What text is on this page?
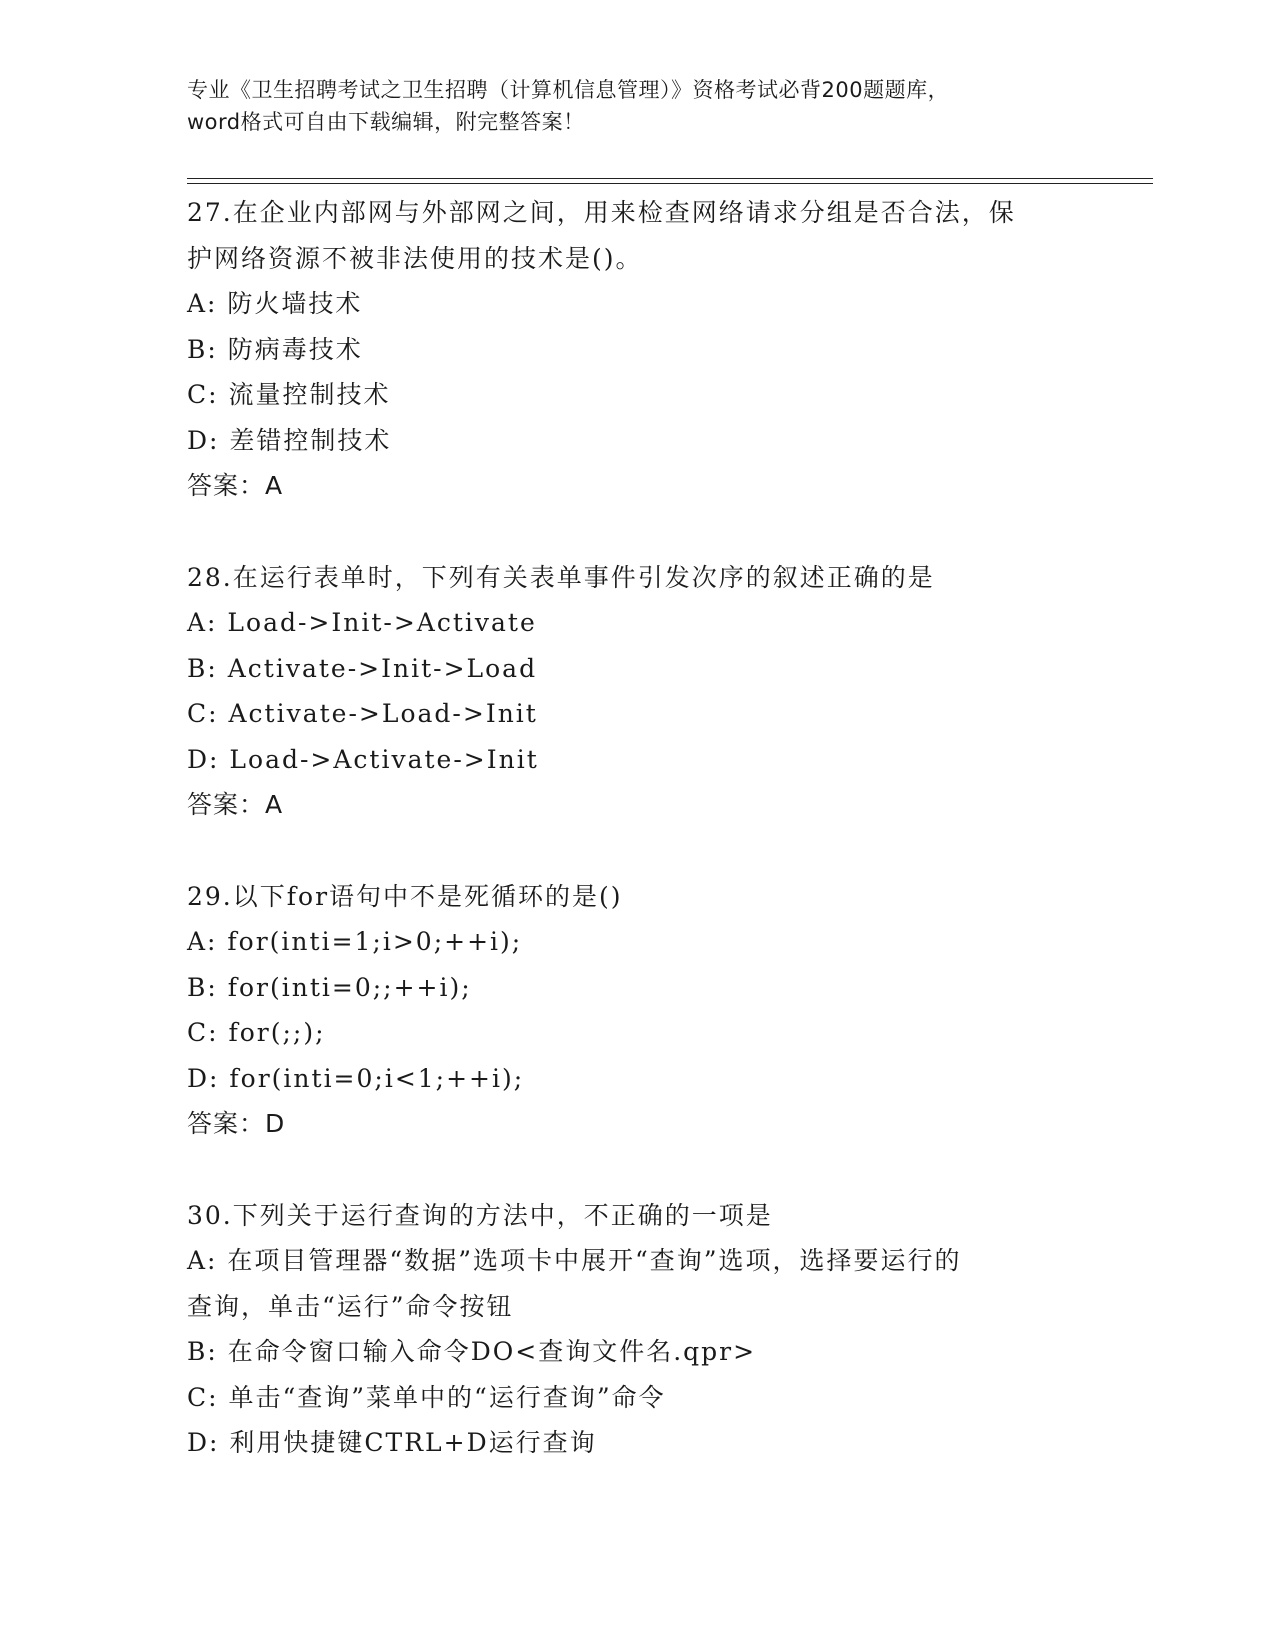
专业《卫生招聘考试之卫生招聘（计算机信息管理）》资格考试必背200题题库，
word格式可自由下载编辑，附完整答案！
27.在企业内部网与外部网之间，用来检查网络请求分组是否合法，保
护网络资源不被非法使用的技术是()。
A: 防火墙技术
B: 防病毒技术
C: 流量控制技术
D: 差错控制技术
答案：A
28.在运行表单时，下列有关表单事件引发次序的叙述正确的是
A: Load->Init->Activate
B: Activate->Init->Load
C: Activate->Load->Init
D: Load->Activate->Init
答案：A
29.以下for语句中不是死循环的是()
A: for(inti=1;i>0;++i);
B: for(inti=0;;++i);
C: for(;;);
D: for(inti=0;i<1;++i);
答案：D
30.下列关于运行查询的方法中，不正确的一项是
A: 在项目管理器“数据”选项卡中展开“查询”选项，选择要运行的
查询，单击“运行”命令按钮
B: 在命令窗口输入命令DO<查询文件名.qpr>
C: 单击“查询”菜单中的“运行查询”命令
D: 利用快捷键CTRL+D运行查询
